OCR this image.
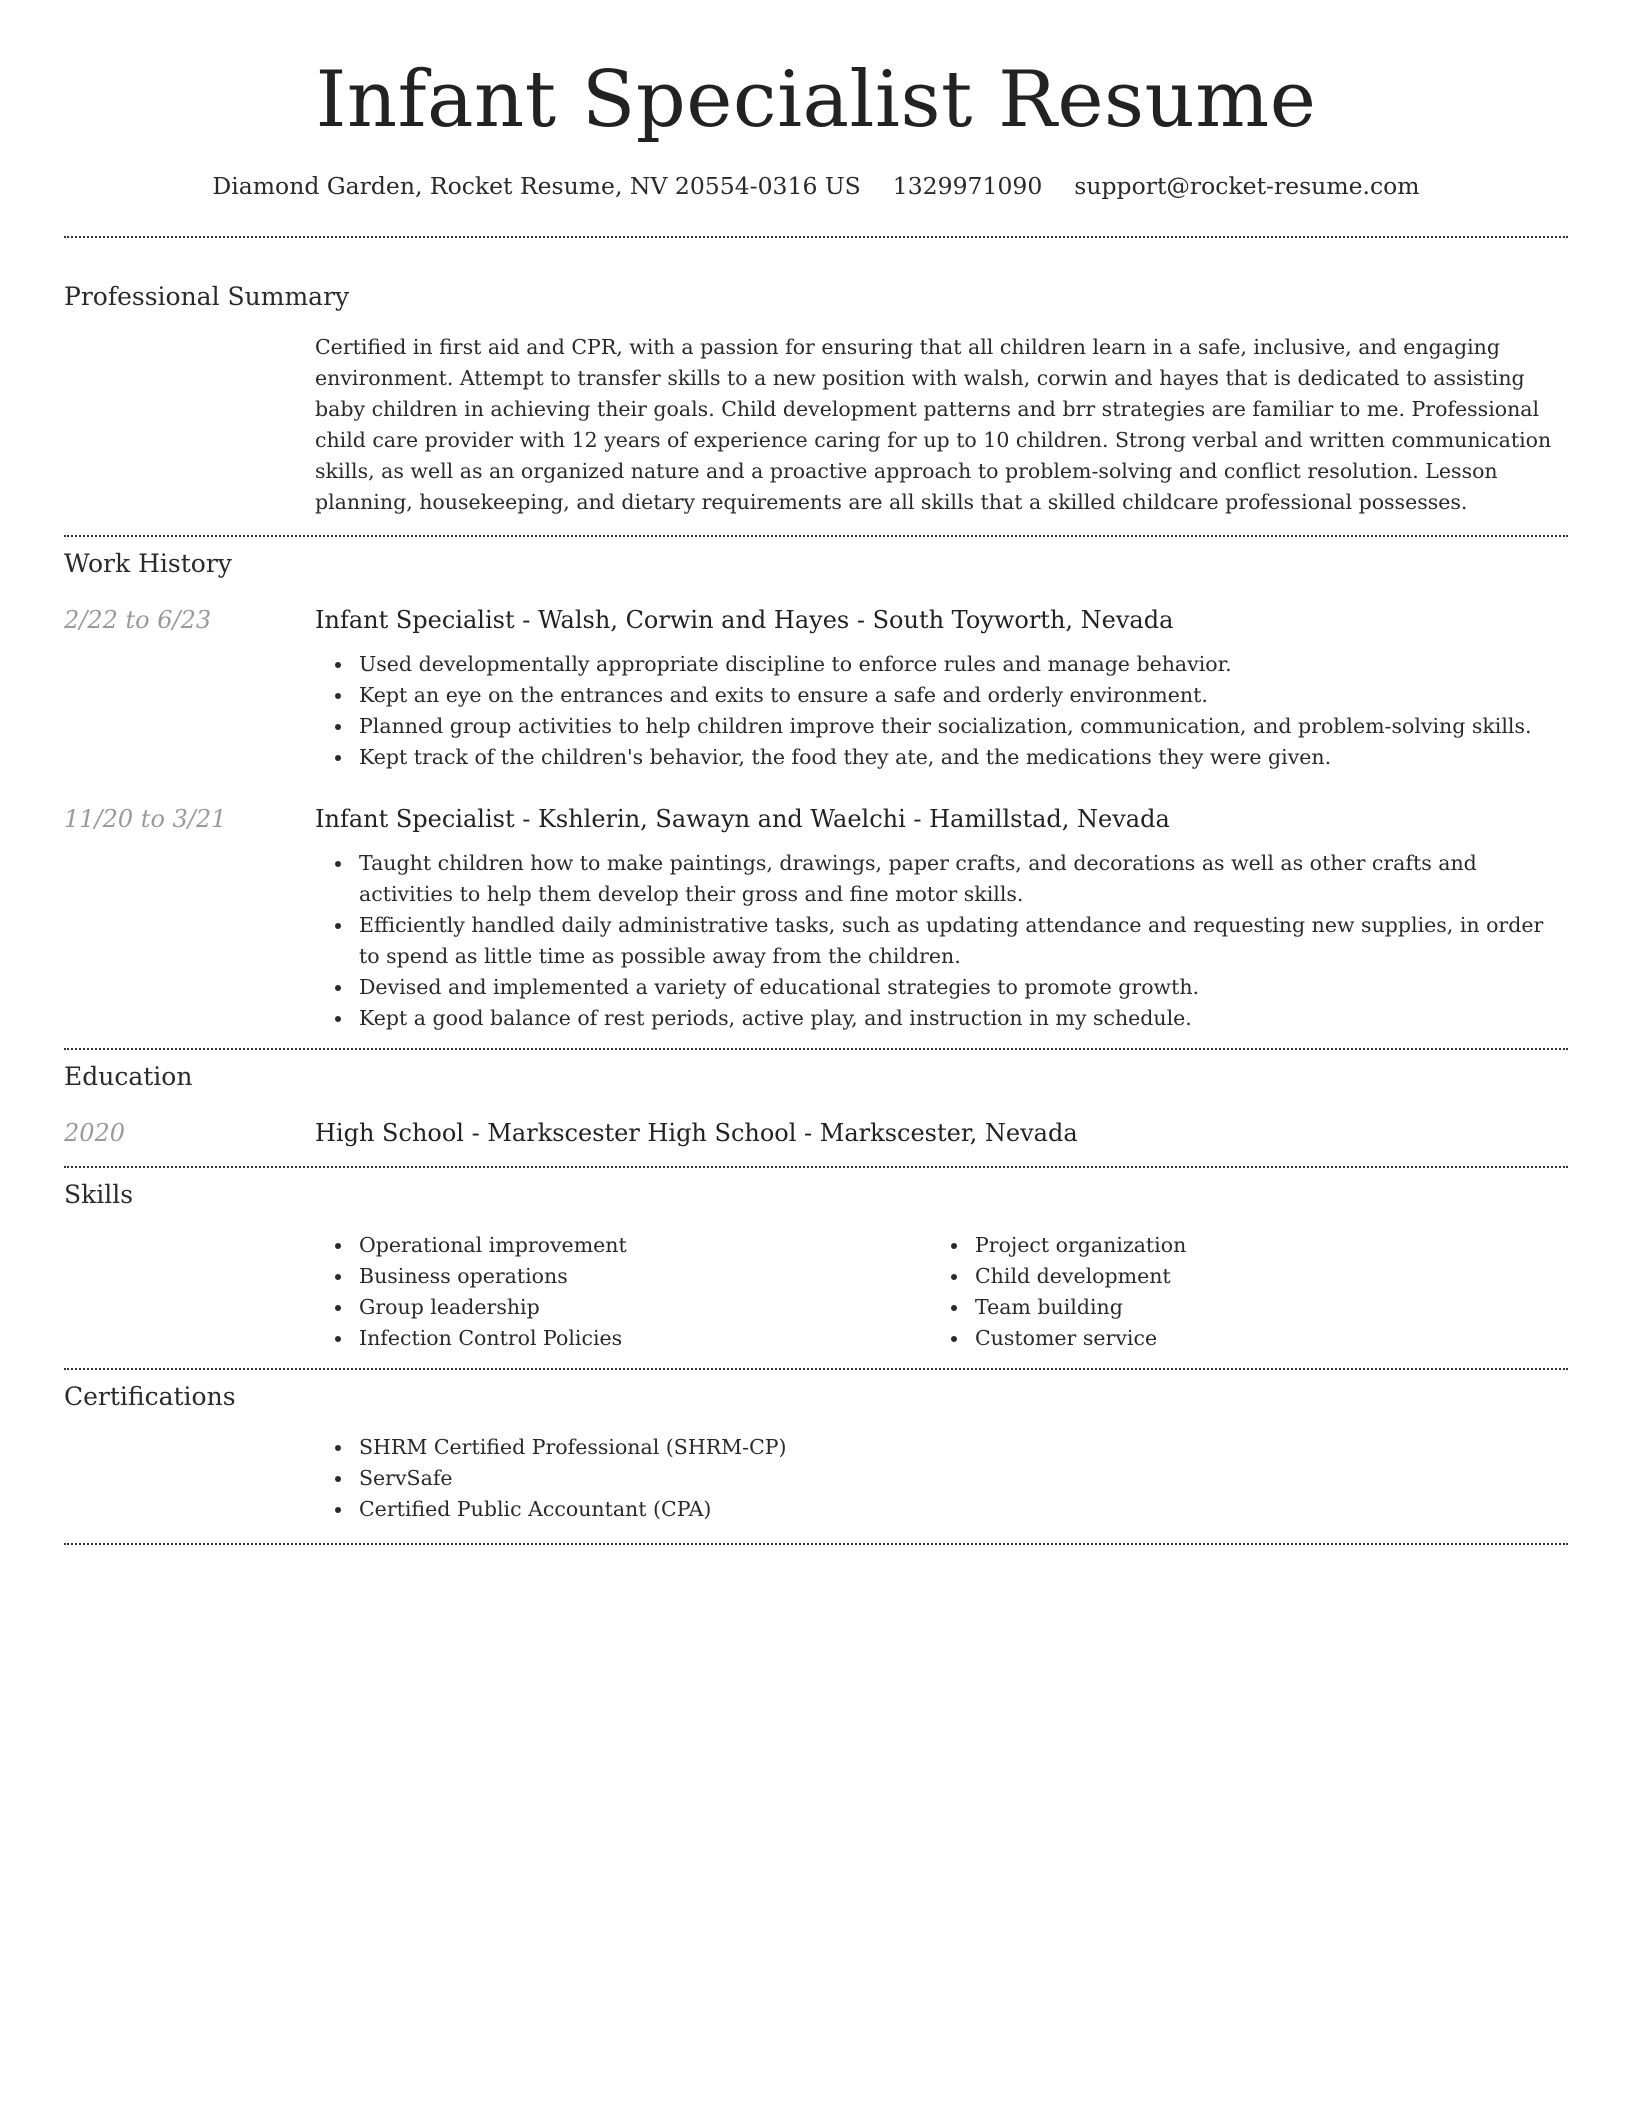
Infant Specialist Resume
Diamond Garden, Rocket Resume, NV 20554-0316 US 1329971090 support@rocket-resume.com
Professional Summary

Certified in first aid and CPR, with a passion for ensuring that all children learn in a safe, inclusive, and engaging environment. Attempt to transfer skills to a new position with walsh, corwin and hayes that is dedicated to assisting baby children in achieving their goals. Child development patterns and brr strategies are familiar to me. Professional child care provider with 12 years of experience caring for up to 10 children. Strong verbal and written communication skills, as well as an organized nature and a proactive approach to problem-solving and conflict resolution. Lesson planning, housekeeping, and dietary requirements are all skills that a skilled childcare professional possesses.

Work History
2/22 to 6/23	Infant Specialist - Walsh, Corwin and Hayes - South Toyworth, Nevada
Used developmentally appropriate discipline to enforce rules and manage behavior.
Kept an eye on the entrances and exits to ensure a safe and orderly environment.
Planned group activities to help children improve their socialization, communication, and problem-solving skills.
Kept track of the children's behavior, the food they ate, and the medications they were given.
11/20 to 3/21	Infant Specialist - Kshlerin, Sawayn and Waelchi - Hamillstad, Nevada
Taught children how to make paintings, drawings, paper crafts, and decorations as well as other crafts and activities to help them develop their gross and fine motor skills.
Efficiently handled daily administrative tasks, such as updating attendance and requesting new supplies, in order to spend as little time as possible away from the children.
Devised and implemented a variety of educational strategies to promote growth.
Kept a good balance of rest periods, active play, and instruction in my schedule.
Education
2020	High School - Markscester High School - Markscester, Nevada
Skills
Operational improvement
Business operations
Group leadership
Infection Control Policies
Project organization
Child development
Team building
Customer service
Certifications
SHRM Certified Professional (SHRM-CP)
ServSafe
Certified Public Accountant (CPA)
